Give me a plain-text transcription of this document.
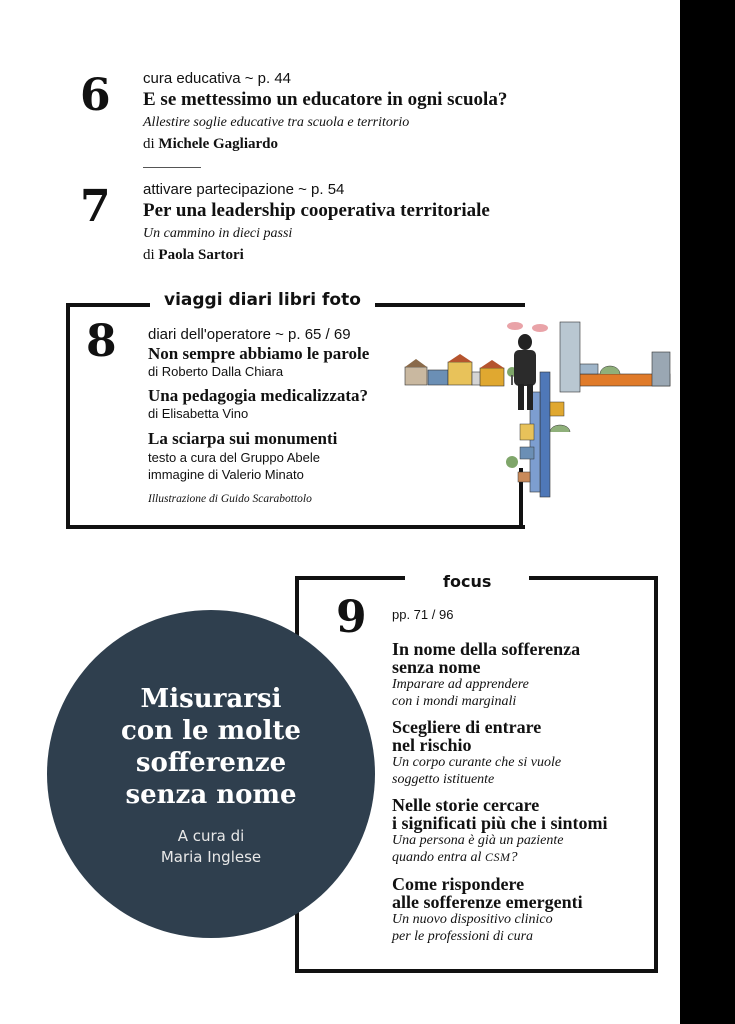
6 cura educativa ~ p. 44
E se mettessimo un educatore in ogni scuola?
Allestire soglie educative tra scuola e territorio
di Michele Gagliardo
7 attivare partecipazione ~ p. 54
Per una leadership cooperativa territoriale
Un cammino in dieci passi
di Paola Sartori
viaggi diari libri foto
8 diari dell'operatore ~ p. 65 / 69
Non sempre abbiamo le parole
di Roberto Dalla Chiara
Una pedagogia medicalizzata?
di Elisabetta Vino
La sciarpa sui monumenti
testo a cura del Gruppo Abele
immagine di Valerio Minato
Illustrazione di Guido Scarabottolo
focus
9 pp. 71 / 96
In nome della sofferenza
senza nome
Imparare ad apprendere
con i mondi marginali
Scegliere di entrare
nel rischio
Un corpo curante che si vuole
soggetto istituente
Nelle storie cercare
i significati più che i sintomi
Una persona è già un paziente
quando entra al CSM?
Come rispondere
alle sofferenze emergenti
Un nuovo dispositivo clinico
per le professioni di cura
Misurarsi
con le molte
sofferenze
senza nome
A cura di
Maria Inglese
